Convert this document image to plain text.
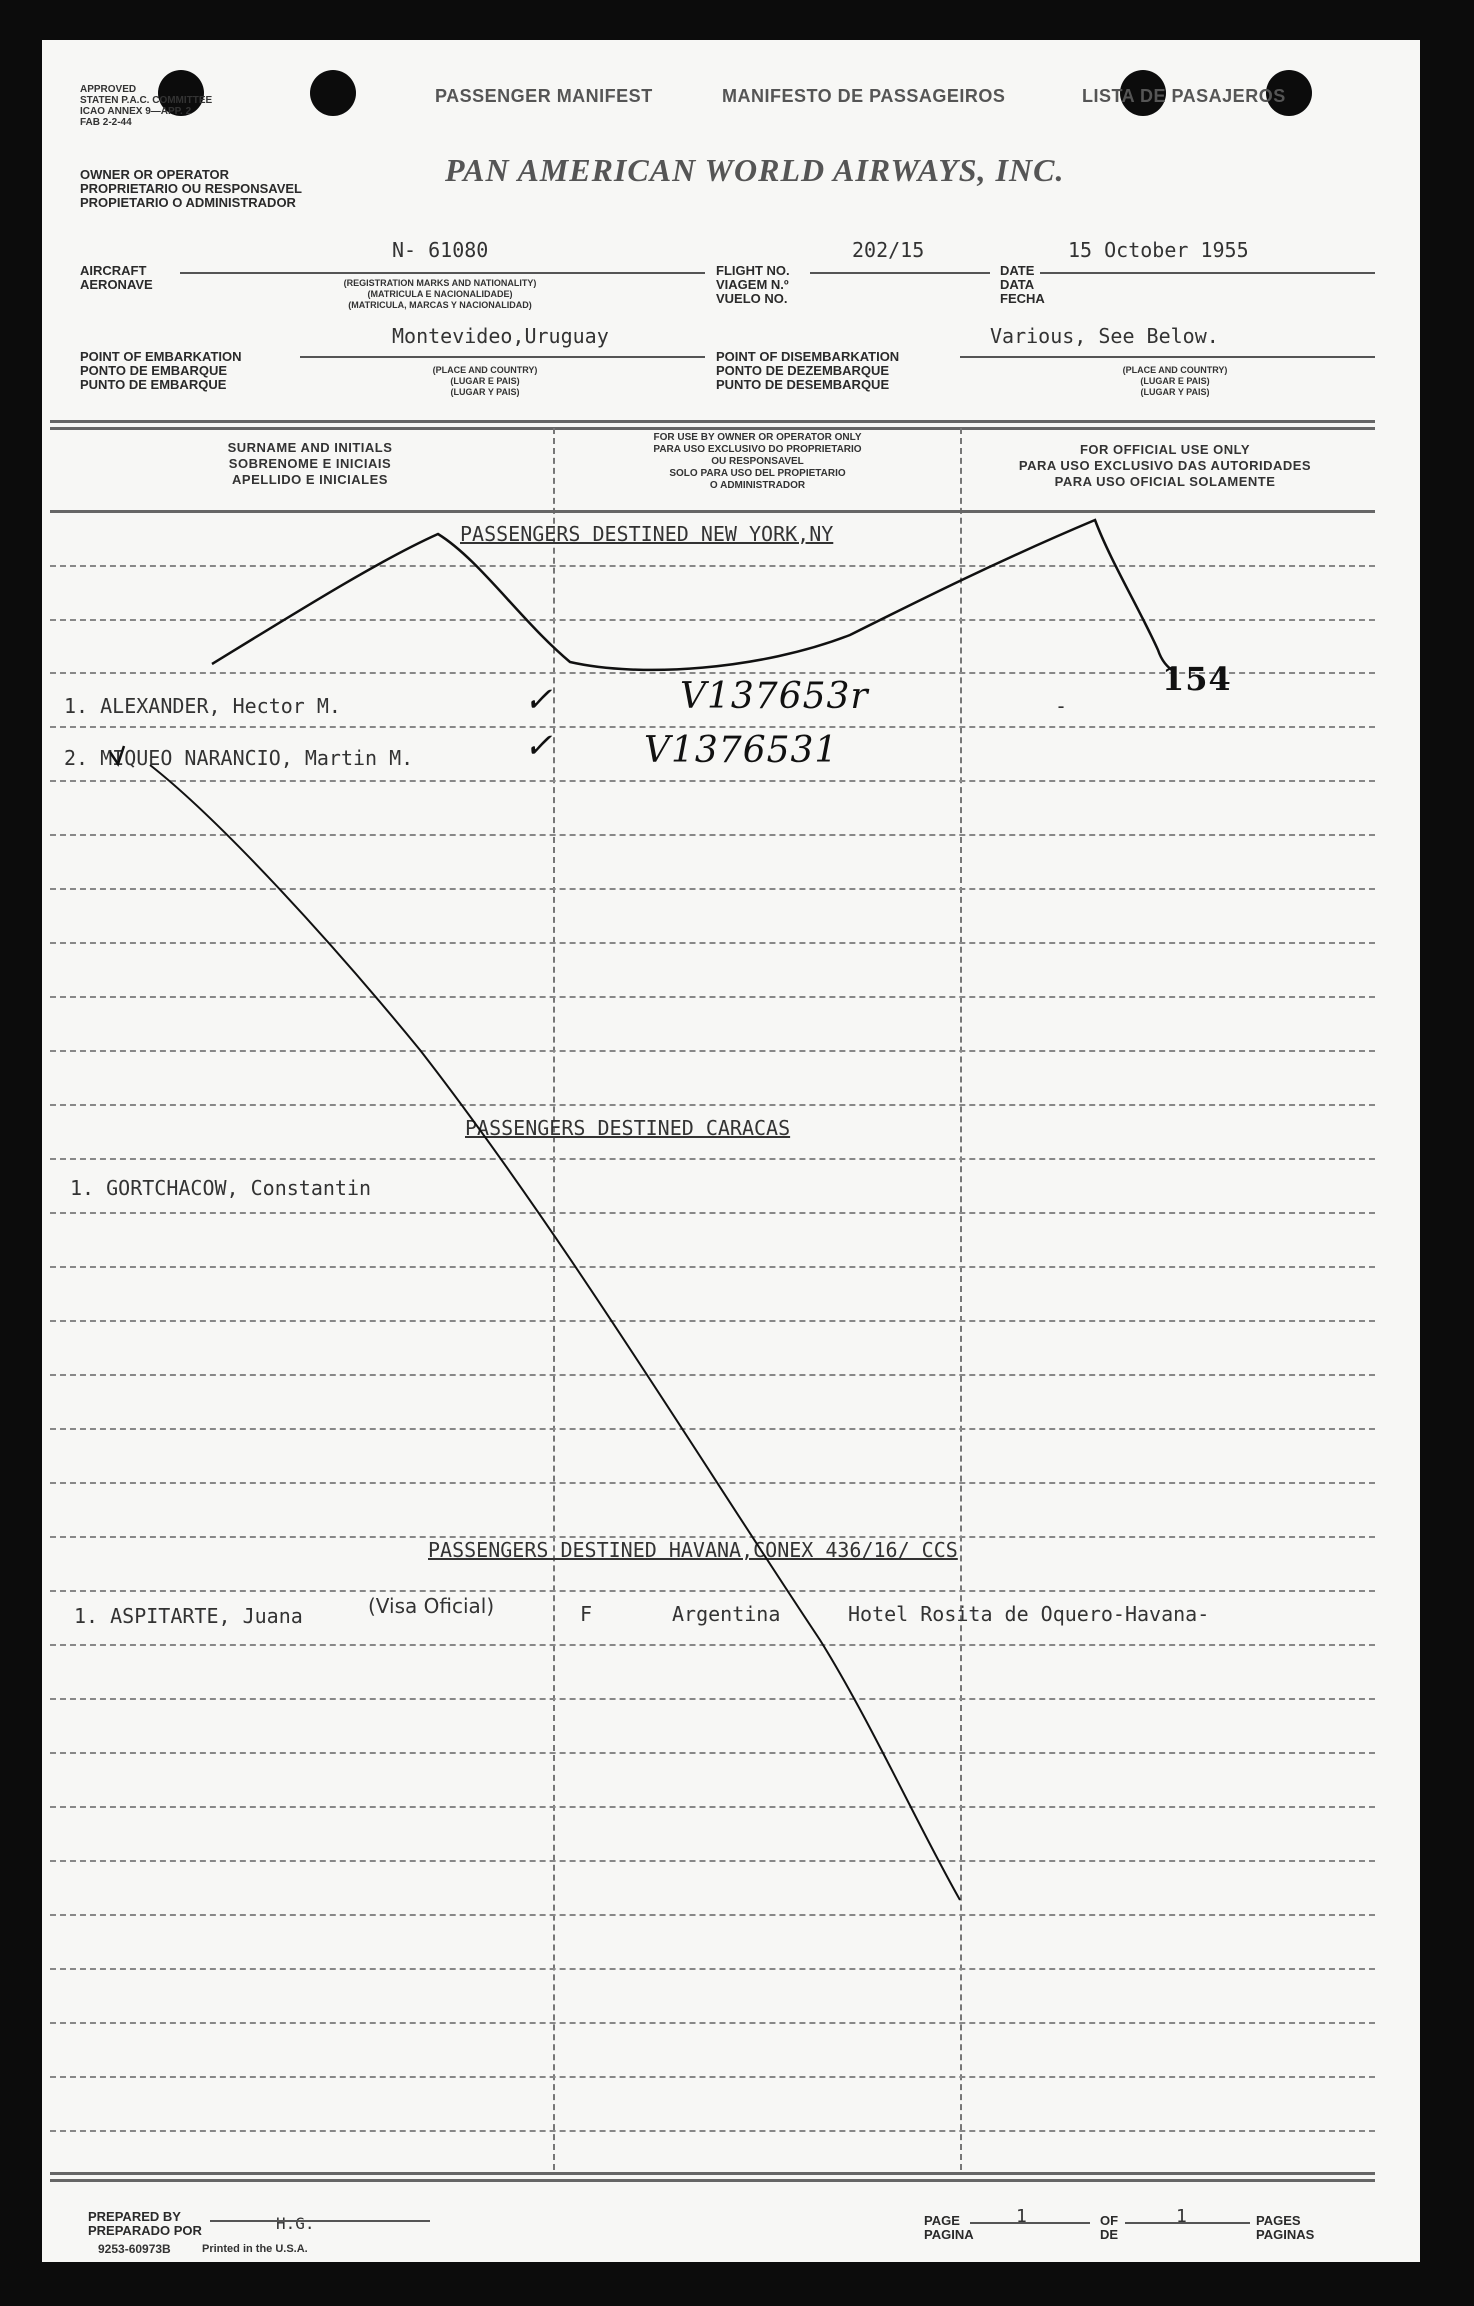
APPROVED
STATEN P.A.C. COMMITTEE
ICAO ANNEX 9—APP. 2
FAB 2-2-44
PASSENGER MANIFEST	MANIFESTO DE PASSAGEIROS	LISTA DE PASAJEROS
OWNER OR OPERATOR
PROPRIETARIO OU RESPONSAVEL
PROPIETARIO O ADMINISTRADOR
PAN AMERICAN WORLD AIRWAYS, INC.
N- 61080
AIRCRAFT
AERONAVE	(REGISTRATION MARKS AND NATIONALITY)
(MATRICULA E NACIONALIDADE)
(MATRICULA, MARCAS Y NACIONALIDAD)
202/15
FLIGHT NO.
VIAGEM N.º
VUELO NO.
15 October 1955
DATE
DATA
FECHA
Montevideo,Uruguay
POINT OF EMBARKATION
PONTO DE EMBARQUE
PUNTO DE EMBARQUE
(PLACE AND COUNTRY)
(LUGAR E PAIS)
(LUGAR Y PAIS)
Various, See Below.
POINT OF DISEMBARKATION
PONTO DE DEZEMBARQUE
PUNTO DE DESEMBARQUE
(PLACE AND COUNTRY)
(LUGAR E PAIS)
(LUGAR Y PAIS)
SURNAME AND INITIALS
SOBRENOME E INICIAIS
APELLIDO E INICIALES
FOR USE BY OWNER OR OPERATOR ONLY
PARA USO EXCLUSIVO DO PROPRIETARIO
OU RESPONSAVEL
SOLO PARA USO DEL PROPIETARIO
O ADMINISTRADOR
FOR OFFICIAL USE ONLY
PARA USO EXCLUSIVO DAS AUTORIDADES
PARA USO OFICIAL SOLAMENTE
PASSENGERS DESTINED NEW YORK,NY
1. ALEXANDER, Hector M.	✓	V137653r	-
154
2. MIQUEO NARANCIO, Martin M.	✓	V1376531
PASSENGERS DESTINED CARACAS
1. GORTCHACOW, Constantin
PASSENGERS DESTINED HAVANA,CONEX 436/16/ CCS
1. ASPITARTE, Juana	(Visa Oficial)	F	Argentina	Hotel Rosita de Oquero-Havana-
PREPARED BY
PREPARADO POR	H.G.
9253-60973B	Printed in the U.S.A.
PAGE
PAGINA
1	OF
DE
1	PAGES
PAGINAS
